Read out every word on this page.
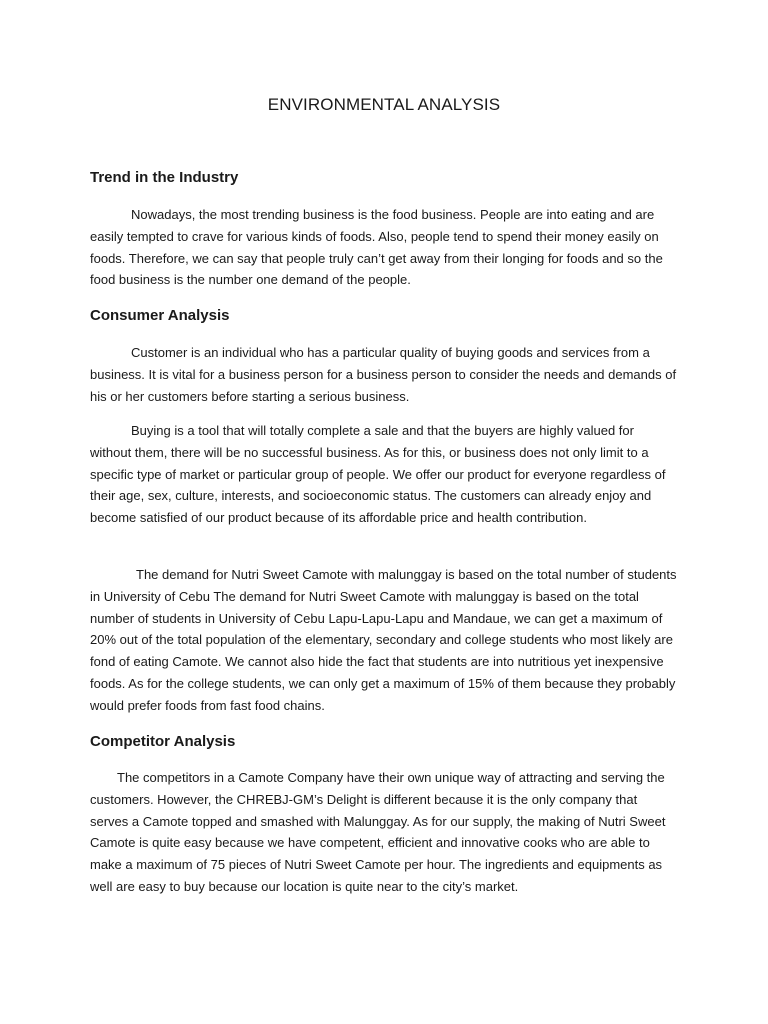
ENVIRONMENTAL ANALYSIS
Trend in the Industry

Nowadays, the most trending business is the food business. People are into eating and are easily tempted to crave for various kinds of foods. Also, people tend to spend their money easily on foods. Therefore, we can say that people truly can’t get away from their longing for foods and so the food business is the number one demand of the people.

Consumer Analysis

Customer is an individual who has a particular quality of buying goods and services from a business. It is vital for a business person for a business person to consider the needs and demands of his or her customers before starting a serious business.

Buying is a tool that will totally complete a sale and that the buyers are highly valued for without them, there will be no successful business. As for this, or business does not only limit to a specific type of market or particular group of people. We offer our product for everyone regardless of their age, sex, culture, interests, and socioeconomic status. The customers can already enjoy and become satisfied of our product because of its affordable price and health contribution.

The demand for Nutri Sweet Camote with malunggay is based on the total number of students in University of Cebu The demand for Nutri Sweet Camote with malunggay is based on the total number of students in University of Cebu Lapu-Lapu-Lapu and Mandaue, we can get a maximum of 20% out of the total population of the elementary, secondary and college students who most likely are fond of eating Camote. We cannot also hide the fact that students are into nutritious yet inexpensive foods. As for the college students, we can only get a maximum of 15% of them because they probably would prefer foods from fast food chains.

Competitor Analysis

The competitors in a Camote Company have their own unique way of attracting and serving the customers. However, the CHREBJ-GM’s Delight is different because it is the only company that serves a Camote topped and smashed with Malunggay. As for our supply, the making of Nutri Sweet Camote is quite easy because we have competent, efficient and innovative cooks who are able to make a maximum of 75 pieces of Nutri Sweet Camote per hour. The ingredients and equipments as well are easy to buy because our location is quite near to the city’s market.
